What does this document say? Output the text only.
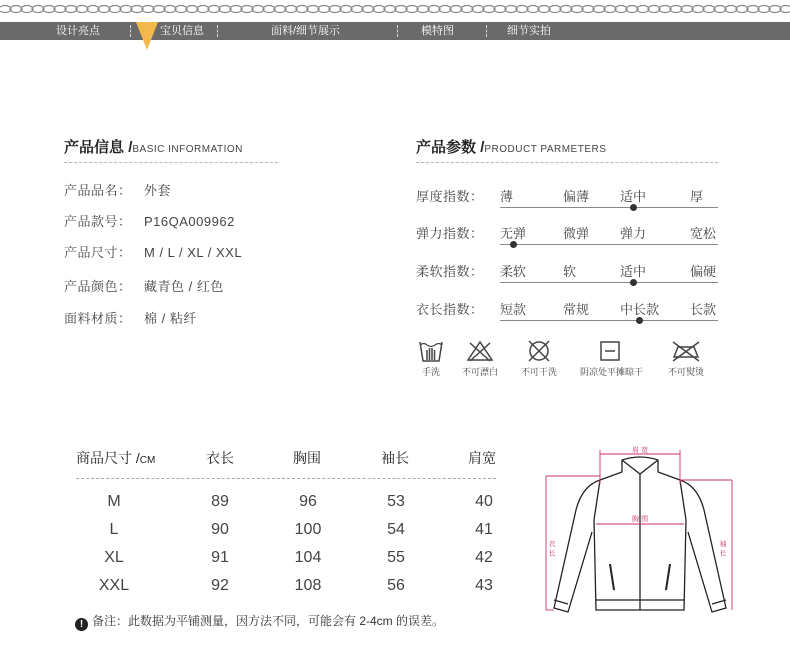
设计亮点	宝贝信息	面料/细节展示	模特图	细节实拍
产品信息 /BASIC INFORMATION
产品品名： 外套
产品款号： P16QA009962
产品尺寸： M / L / XL / XXL
产品颜色： 藏青色 / 红色
面料材质： 棉 / 粘纤
产品参数 /PRODUCT PARMETERS
厚度指数： 薄	偏薄 适中	厚
弹力指数： 无弹	微弹 弹力	宽松
柔软指数： 柔软	软	适中	偏硬
衣长指数： 短款	常规 中长款 长款
手洗	不可漂白	不可干洗	阴凉处平摊晾干	不可熨烫
商品尺寸 /CM	衣长	胸围	袖长	肩宽
M	89	96	53	40
L	90	100	54	41
XL	91	104	55	42
XXL	92	108	56	43
! 备注：此数据为平铺测量，因方法不同，可能会有 2-4cm 的误差。
肩 宽
胸 围
衣 长	袖 长
